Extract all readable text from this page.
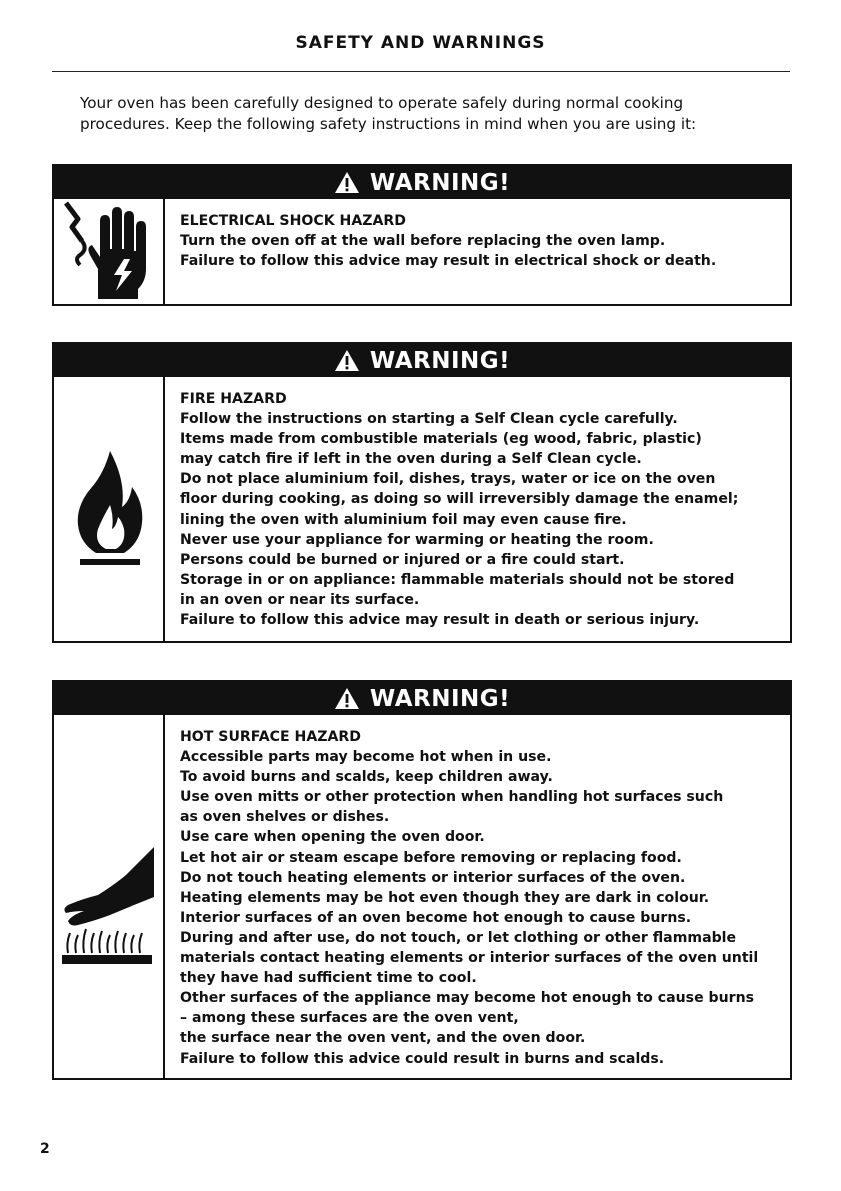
SAFETY AND WARNINGS
Your oven has been carefully designed to operate safely during normal cooking
procedures. Keep the following safety instructions in mind when you are using it:
WARNING!
ELECTRICAL SHOCK HAZARD
Turn the oven off at the wall before replacing the oven lamp.
Failure to follow this advice may result in electrical shock or death.
WARNING!
FIRE HAZARD
Follow the instructions on starting a Self Clean cycle carefully.
Items made from combustible materials (eg wood, fabric, plastic)
may catch fire if left in the oven during a Self Clean cycle.
Do not place aluminium foil, dishes, trays, water or ice on the oven
floor during cooking, as doing so will irreversibly damage the enamel;
lining the oven with aluminium foil may even cause fire.
Never use your appliance for warming or heating the room.
Persons could be burned or injured or a fire could start.
Storage in or on appliance: flammable materials should not be stored
in an oven or near its surface.
Failure to follow this advice may result in death or serious injury.
WARNING!
HOT SURFACE HAZARD
Accessible parts may become hot when in use.
To avoid burns and scalds, keep children away.
Use oven mitts or other protection when handling hot surfaces such
as oven shelves or dishes.
Use care when opening the oven door.
Let hot air or steam escape before removing or replacing food.
Do not touch heating elements or interior surfaces of the oven.
Heating elements may be hot even though they are dark in colour.
Interior surfaces of an oven become hot enough to cause burns.
During and after use, do not touch, or let clothing or other flammable
materials contact heating elements or interior surfaces of the oven until
they have had sufficient time to cool.
Other surfaces of the appliance may become hot enough to cause burns
– among these surfaces are the oven vent,
the surface near the oven vent, and the oven door.
Failure to follow this advice could result in burns and scalds.
2
